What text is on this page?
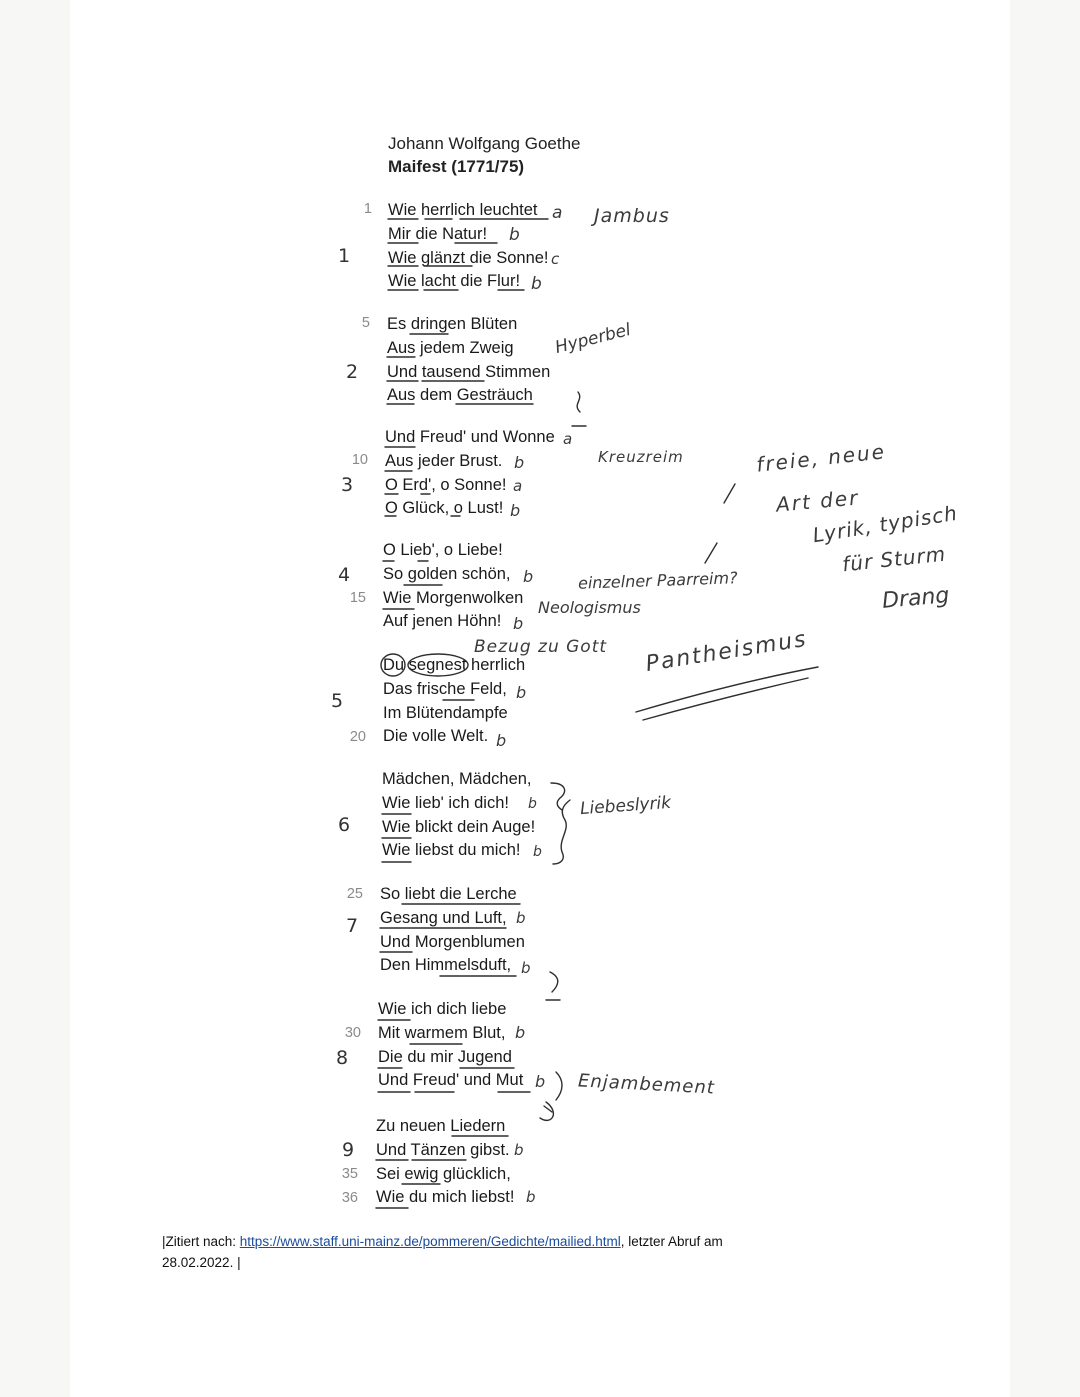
Johann Wolfgang Goethe
Maifest (1771/75)
Wie herrlich leuchtet
Mir die Natur!
Wie glänzt die Sonne!
Wie lacht die Flur!
Es dringen Blüten
Aus jedem Zweig
Und tausend Stimmen
Aus dem Gesträuch
Und Freud' und Wonne
Aus jeder Brust.
O Erd', o Sonne!
O Glück, o Lust!
O Lieb', o Liebe!
So golden schön,
Wie Morgenwolken
Auf jenen Höhn!
Du segnest herrlich
Das frische Feld,
Im Blütendampfe
Die volle Welt.
Mädchen, Mädchen,
Wie lieb' ich dich!
Wie blickt dein Auge!
Wie liebst du mich!
So liebt die Lerche
Gesang und Luft,
Und Morgenblumen
Den Himmelsduft,
Wie ich dich liebe
Mit warmem Blut,
Die du mir Jugend
Und Freud' und Mut
Zu neuen Liedern
Und Tänzen gibst.
Sei ewig glücklich,
Wie du mich liebst!
1
5
10
15
20
25
30
35
36
1
2
3
4
5
6
7
8
9
a
b
c
b
a
b
a
b
b
b
b
b
b
b
b
b
b
b
b
b
Jambus
Hyperbel
Kreuzreim	freie, neue
Art der
Lyrik, typisch
für Sturm
Drang
einzelner Paarreim?
Neologismus
Bezug zu Gott Pantheismus
Liebeslyrik
Enjambement
|Zitiert nach: https://www.staff.uni-mainz.de/pommeren/Gedichte/mailied.html, letzter Abruf am
28.02.2022. |
